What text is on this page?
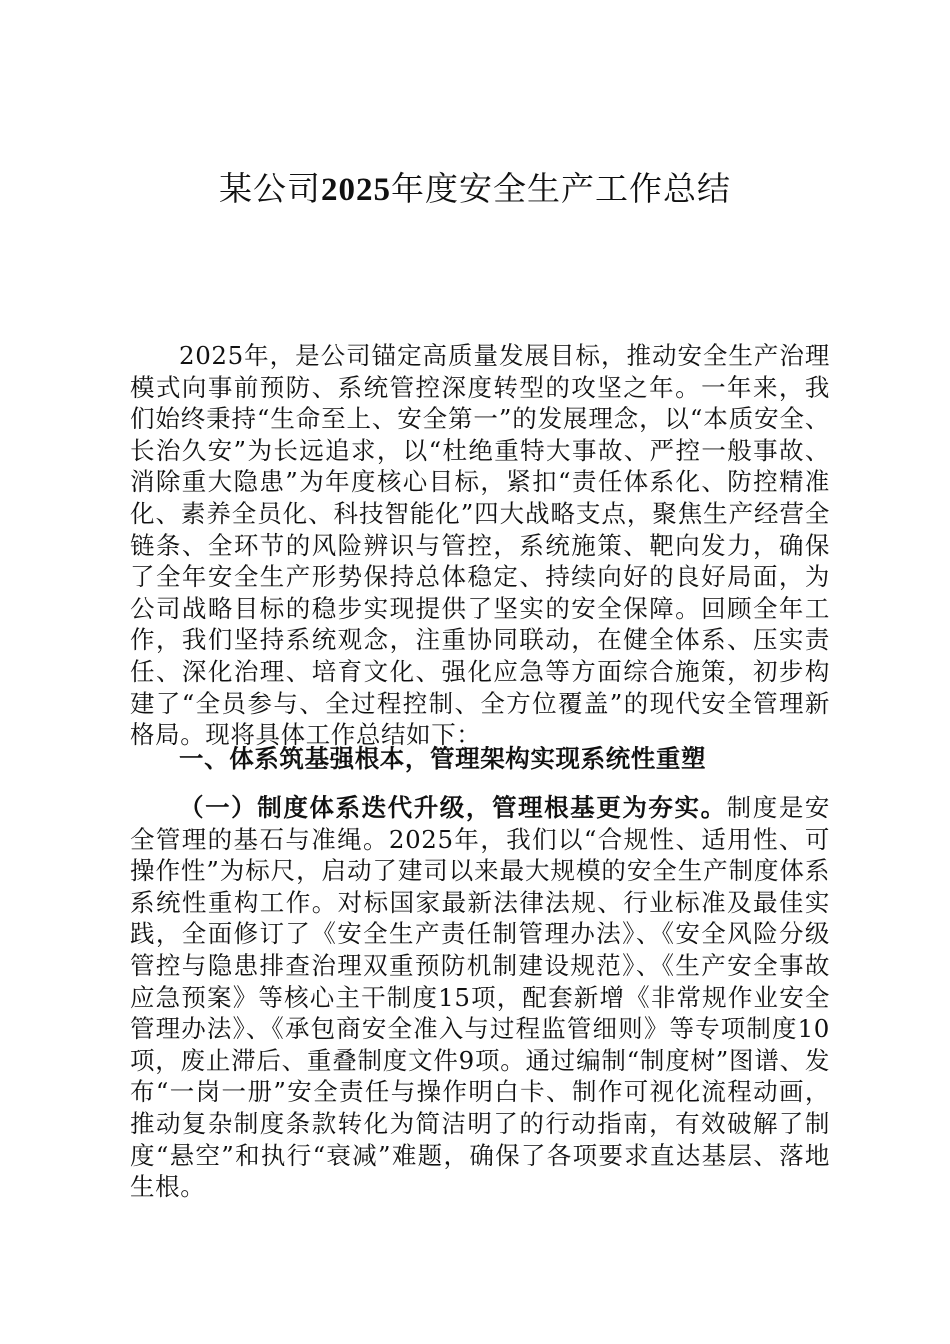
某公司2025年度安全生产工作总结

2025年，是公司锚定高质量发展目标，推动安全生产治理模式向事前预防、系统管控深度转型的攻坚之年。一年来，我们始终秉持“生命至上、安全第一”的发展理念，以“本质安全、长治久安”为长远追求，以“杜绝重特大事故、严控一般事故、消除重大隐患”为年度核心目标，紧扣“责任体系化、防控精准化、素养全员化、科技智能化”四大战略支点，聚焦生产经营全链条、全环节的风险辨识与管控，系统施策、靶向发力，确保了全年安全生产形势保持总体稳定、持续向好的良好局面，为公司战略目标的稳步实现提供了坚实的安全保障。回顾全年工作，我们坚持系统观念，注重协同联动，在健全体系、压实责任、深化治理、培育文化、强化应急等方面综合施策，初步构建了“全员参与、全过程控制、全方位覆盖”的现代安全管理新格局。现将具体工作总结如下：

一、体系筑基强根本，管理架构实现系统性重塑

（一）制度体系迭代升级，管理根基更为夯实。制度是安全管理的基石与准绳。2025年，我们以“合规性、适用性、可操作性”为标尺，启动了建司以来最大规模的安全生产制度体系系统性重构工作。对标国家最新法律法规、行业标准及最佳实践，全面修订了《安全生产责任制管理办法》、《安全风险分级管控与隐患排查治理双重预防机制建设规范》、《生产安全事故应急预案》等核心主干制度15项，配套新增《非常规作业安全管理办法》、《承包商安全准入与过程监管细则》等专项制度10项，废止滞后、重叠制度文件9项。通过编制“制度树”图谱、发布“一岗一册”安全责任与操作明白卡、制作可视化流程动画，推动复杂制度条款转化为简洁明了的行动指南，有效破解了制度“悬空”和执行“衰减”难题，确保了各项要求直达基层、落地生根。
